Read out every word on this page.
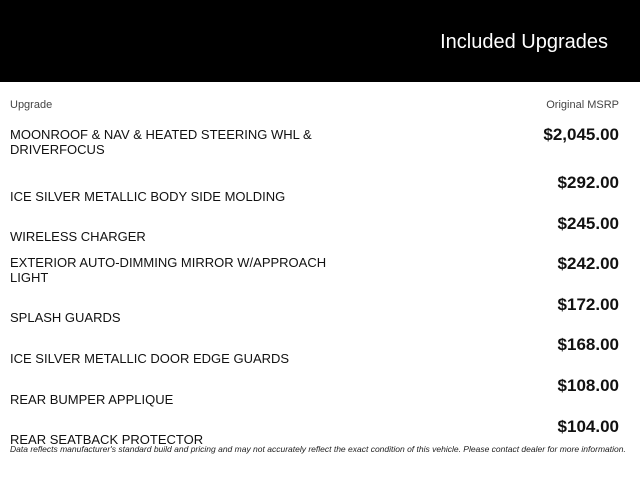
Included Upgrades
Upgrade	Original MSRP
MOONROOF & NAV & HEATED STEERING WHL & DRIVERFOCUS
$2,045.00
ICE SILVER METALLIC BODY SIDE MOLDING
$292.00
WIRELESS CHARGER
$245.00
EXTERIOR AUTO-DIMMING MIRROR W/APPROACH LIGHT
$242.00
SPLASH GUARDS
$172.00
ICE SILVER METALLIC DOOR EDGE GUARDS
$168.00
REAR BUMPER APPLIQUE
$108.00
REAR SEATBACK PROTECTOR
$104.00
Data reflects manufacturer's standard build and pricing and may not accurately reflect the exact condition of this vehicle. Please contact dealer for more information.
